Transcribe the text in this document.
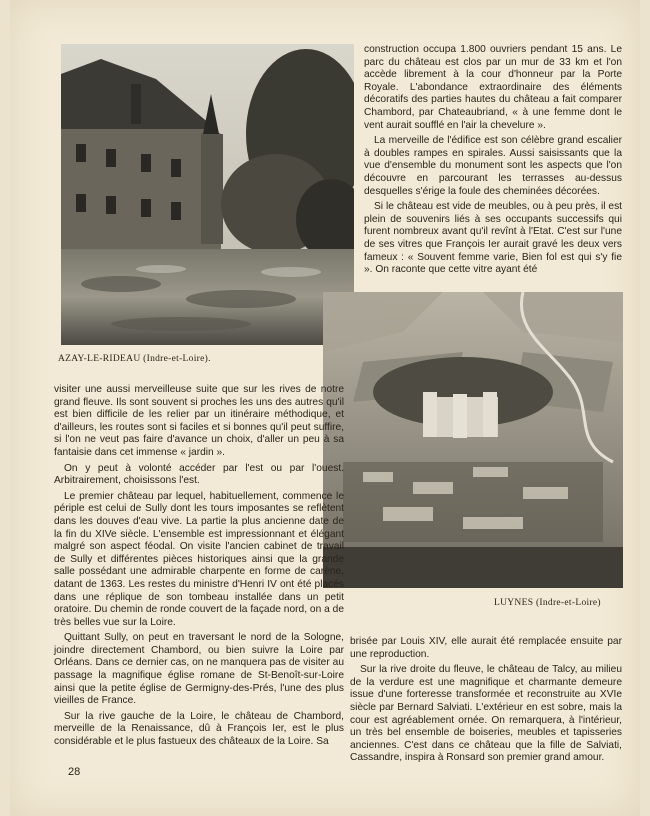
AZAY-LE-RIDEAU (Indre-et-Loire).
LUYNES (Indre-et-Loire)

construction occupa 1.800 ouvriers pendant 15 ans. Le parc du château est clos par un mur de 33 km et l'on accède librement à la cour d'honneur par la Porte Royale. L'abondance extraordinaire des éléments décoratifs des parties hautes du château a fait comparer Chambord, par Chateaubriand, « à une femme dont le vent aurait soufflé en l'air la chevelure ».

La merveille de l'édifice est son célèbre grand escalier à doubles rampes en spirales. Aussi saisissants que la vue d'ensemble du monument sont les aspects que l'on découvre en parcourant les terrasses au-dessus desquelles s'érige la foule des cheminées décorées.

Si le château est vide de meubles, ou à peu près, il est plein de souvenirs liés à ses occupants successifs qui furent nombreux avant qu'il revînt à l'Etat. C'est sur l'une de ses vitres que François Ier aurait gravé les deux vers fameux : « Souvent femme varie, Bien fol est qui s'y fie ». On raconte que cette vitre ayant été

visiter une aussi merveilleuse suite que sur les rives de notre grand fleuve. Ils sont souvent si proches les uns des autres qu'il est bien difficile de les relier par un itinéraire méthodique, et d'ailleurs, les routes sont si faciles et si bonnes qu'il peut suffire, si l'on ne veut pas faire d'avance un choix, d'aller un peu à sa fantaisie dans cet immense « jardin ».

On y peut à volonté accéder par l'est ou par l'ouest. Arbitrairement, choisissons l'est.

Le premier château par lequel, habituellement, commence le périple est celui de Sully dont les tours imposantes se reflètent dans les douves d'eau vive. La partie la plus ancienne date de la fin du XIVe siècle. L'ensemble est impressionnant et élégant malgré son aspect féodal. On visite l'ancien cabinet de travail de Sully et différentes pièces historiques ainsi que la grande salle possédant une admirable charpente en forme de carène, datant de 1363. Les restes du ministre d'Henri IV ont été placés dans une réplique de son tombeau installée dans un petit oratoire. Du chemin de ronde couvert de la façade nord, on a de très belles vue sur la Loire.

Quittant Sully, on peut en traversant le nord de la Sologne, joindre directement Chambord, ou bien suivre la Loire par Orléans. Dans ce dernier cas, on ne manquera pas de visiter au passage la magnifique église romane de St-Benoît-sur-Loire ainsi que la petite église de Germigny-des-Prés, l'une des plus vieilles de France.

Sur la rive gauche de la Loire, le château de Chambord, merveille de la Renaissance, dû à François Ier, est le plus considérable et le plus fastueux des châteaux de la Loire. Sa

brisée par Louis XIV, elle aurait été remplacée ensuite par une reproduction.

Sur la rive droite du fleuve, le château de Talcy, au milieu de la verdure est une magnifique et charmante demeure issue d'une forteresse transformée et reconstruite au XVIe siècle par Bernard Salviati. L'extérieur en est sobre, mais la cour est agréablement ornée. On remarquera, à l'intérieur, un très bel ensemble de boiseries, meubles et tapisseries anciennes. C'est dans ce château que la fille de Salviati, Cassandre, inspira à Ronsard son premier grand amour.

28
